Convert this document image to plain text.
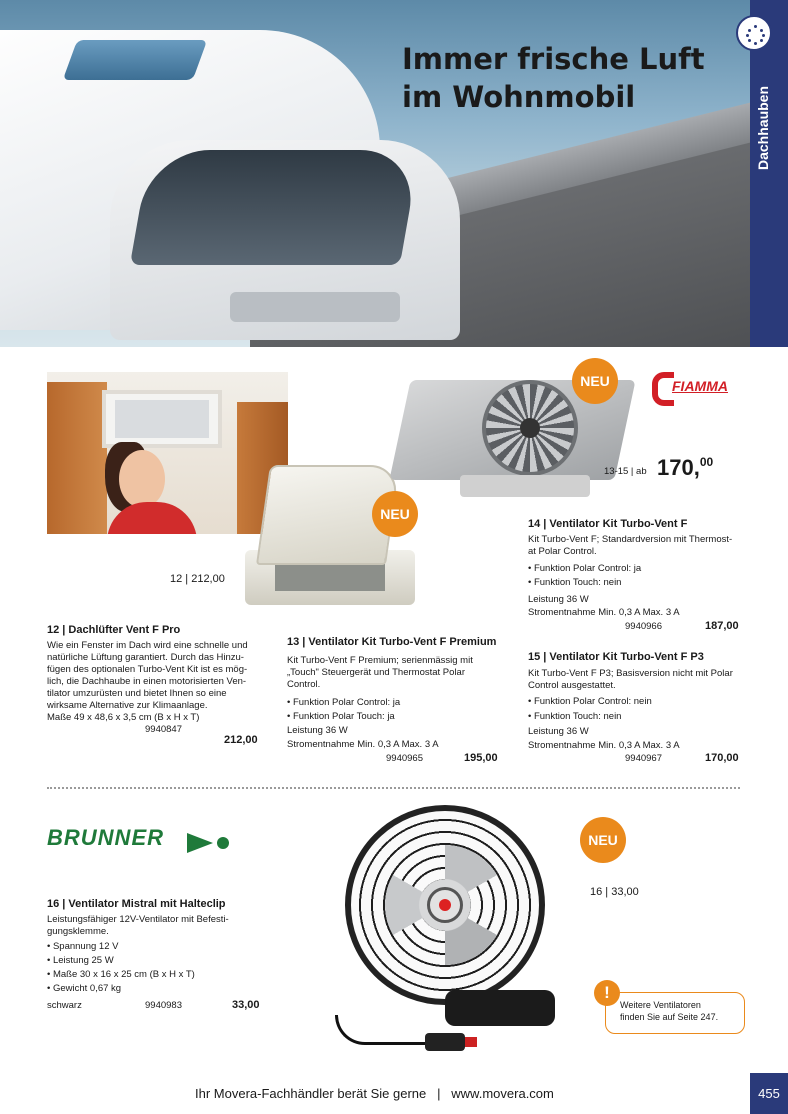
Immer frische Luft
im Wohnmobil
NEU
NEU
NEU
FIAMMA
BRUNNER
12 | 212,00
13-15 | ab 170,00
16 | 33,00
12 | Dachlüfter Vent F Pro
Wie ein Fenster im Dach wird eine schnelle und
natürliche Lüftung garantiert. Durch das Hinzu-
fügen des optionalen Turbo-Vent Kit ist es mög-
lich, die Dachhaube in einen motorisierten Ven-
tilator umzurüsten und bietet Ihnen so eine
wirksame Alternative zur Klimaanlage.
Maße 49 x 48,6 x 3,5 cm (B x H x T)
9940847
212,00
13 | Ventilator Kit Turbo-Vent F Premium
Kit Turbo-Vent F Premium; serienmässig mit
„Touch" Steuergerät und Thermostat Polar
Control.
• Funktion Polar Control: ja
• Funktion Polar Touch: ja
Leistung 36 W
Stromentnahme Min. 0,3 A Max. 3 A
9940965	195,00
14 | Ventilator Kit Turbo-Vent F
Kit Turbo-Vent F; Standardversion mit Thermost-
at Polar Control.
• Funktion Polar Control: ja
• Funktion Touch: nein
Leistung 36 W
Stromentnahme Min. 0,3 A Max. 3 A
9940966	187,00
15 | Ventilator Kit Turbo-Vent F P3
Kit Turbo-Vent F P3; Basisversion nicht mit Polar
Control ausgestattet.
• Funktion Polar Control: nein
• Funktion Touch: nein
Leistung 36 W
Stromentnahme Min. 0,3 A Max. 3 A
9940967	170,00
16 | Ventilator Mistral mit Halteclip
Leistungsfähiger 12V-Ventilator mit Befesti-
gungsklemme.
• Spannung 12 V
• Leistung 25 W
• Maße 30 x 16 x 25 cm (B x H x T)
• Gewicht 0,67 kg
schwarz	9940983	33,00	Weitere Ventilatoren
finden Sie auf Seite 247.
!
Ihr Movera-Fachhändler berät Sie gerne   |   www.movera.com	455
